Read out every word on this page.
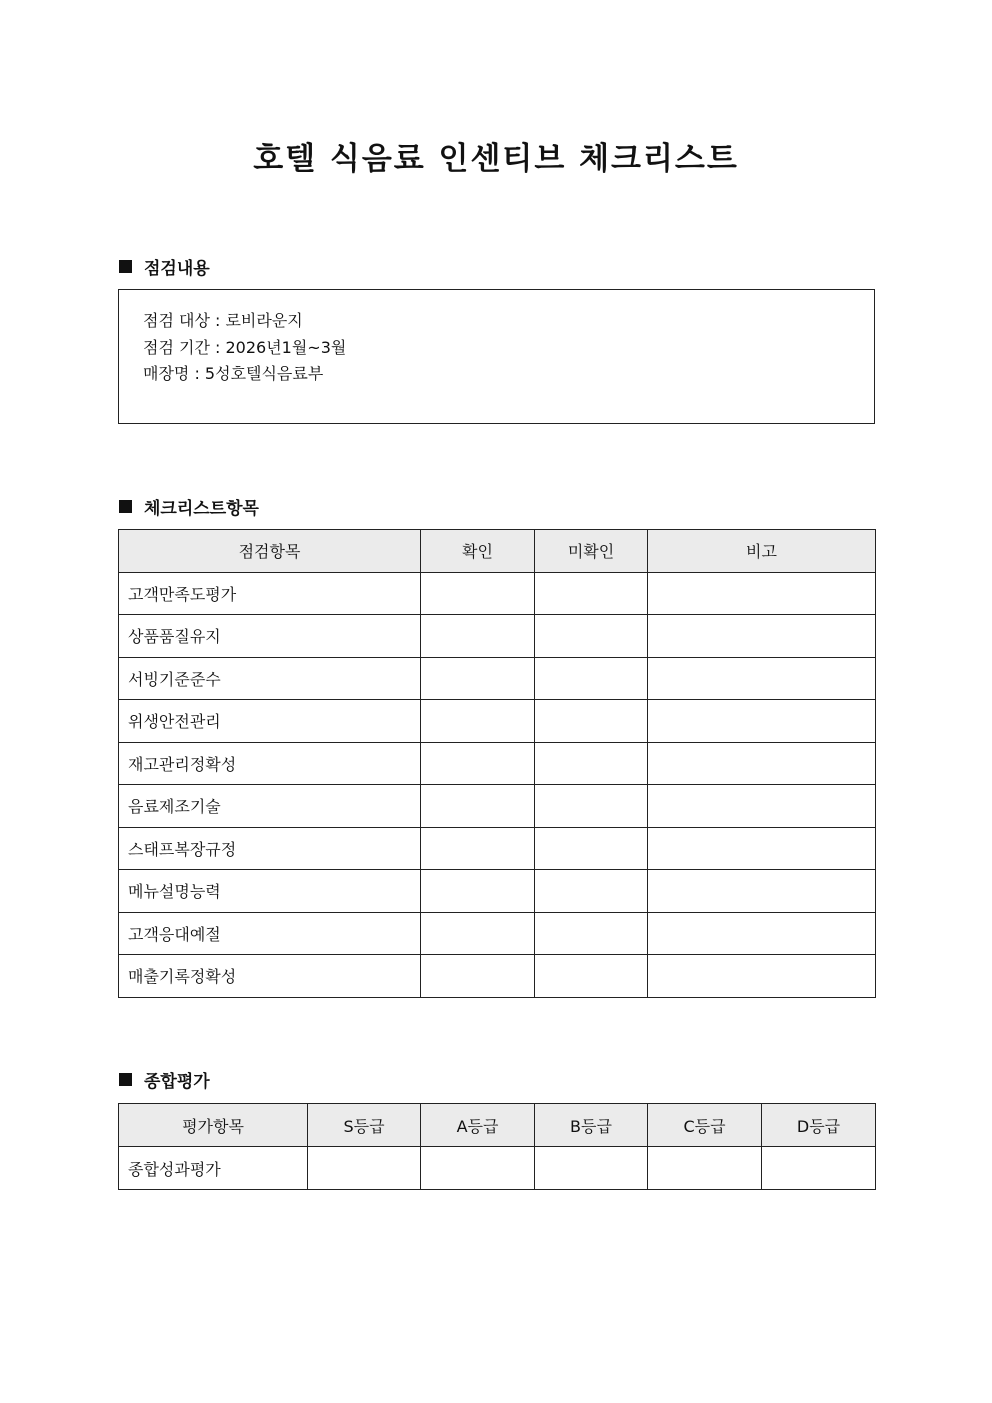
호텔 식음료 인센티브 체크리스트
점검내용
점검 대상 : 로비라운지
점검 기간 : 2026년1월~3월
매장명 : 5성호텔식음료부
체크리스트항목
점검항목	확인	미확인	비고
고객만족도평가			
상품품질유지			
서빙기준준수			
위생안전관리			
재고관리정확성			
음료제조기술			
스태프복장규정			
메뉴설명능력			
고객응대예절			
매출기록정확성			
종합평가
평가항목	S등급	A등급	B등급	C등급	D등급
종합성과평가					
